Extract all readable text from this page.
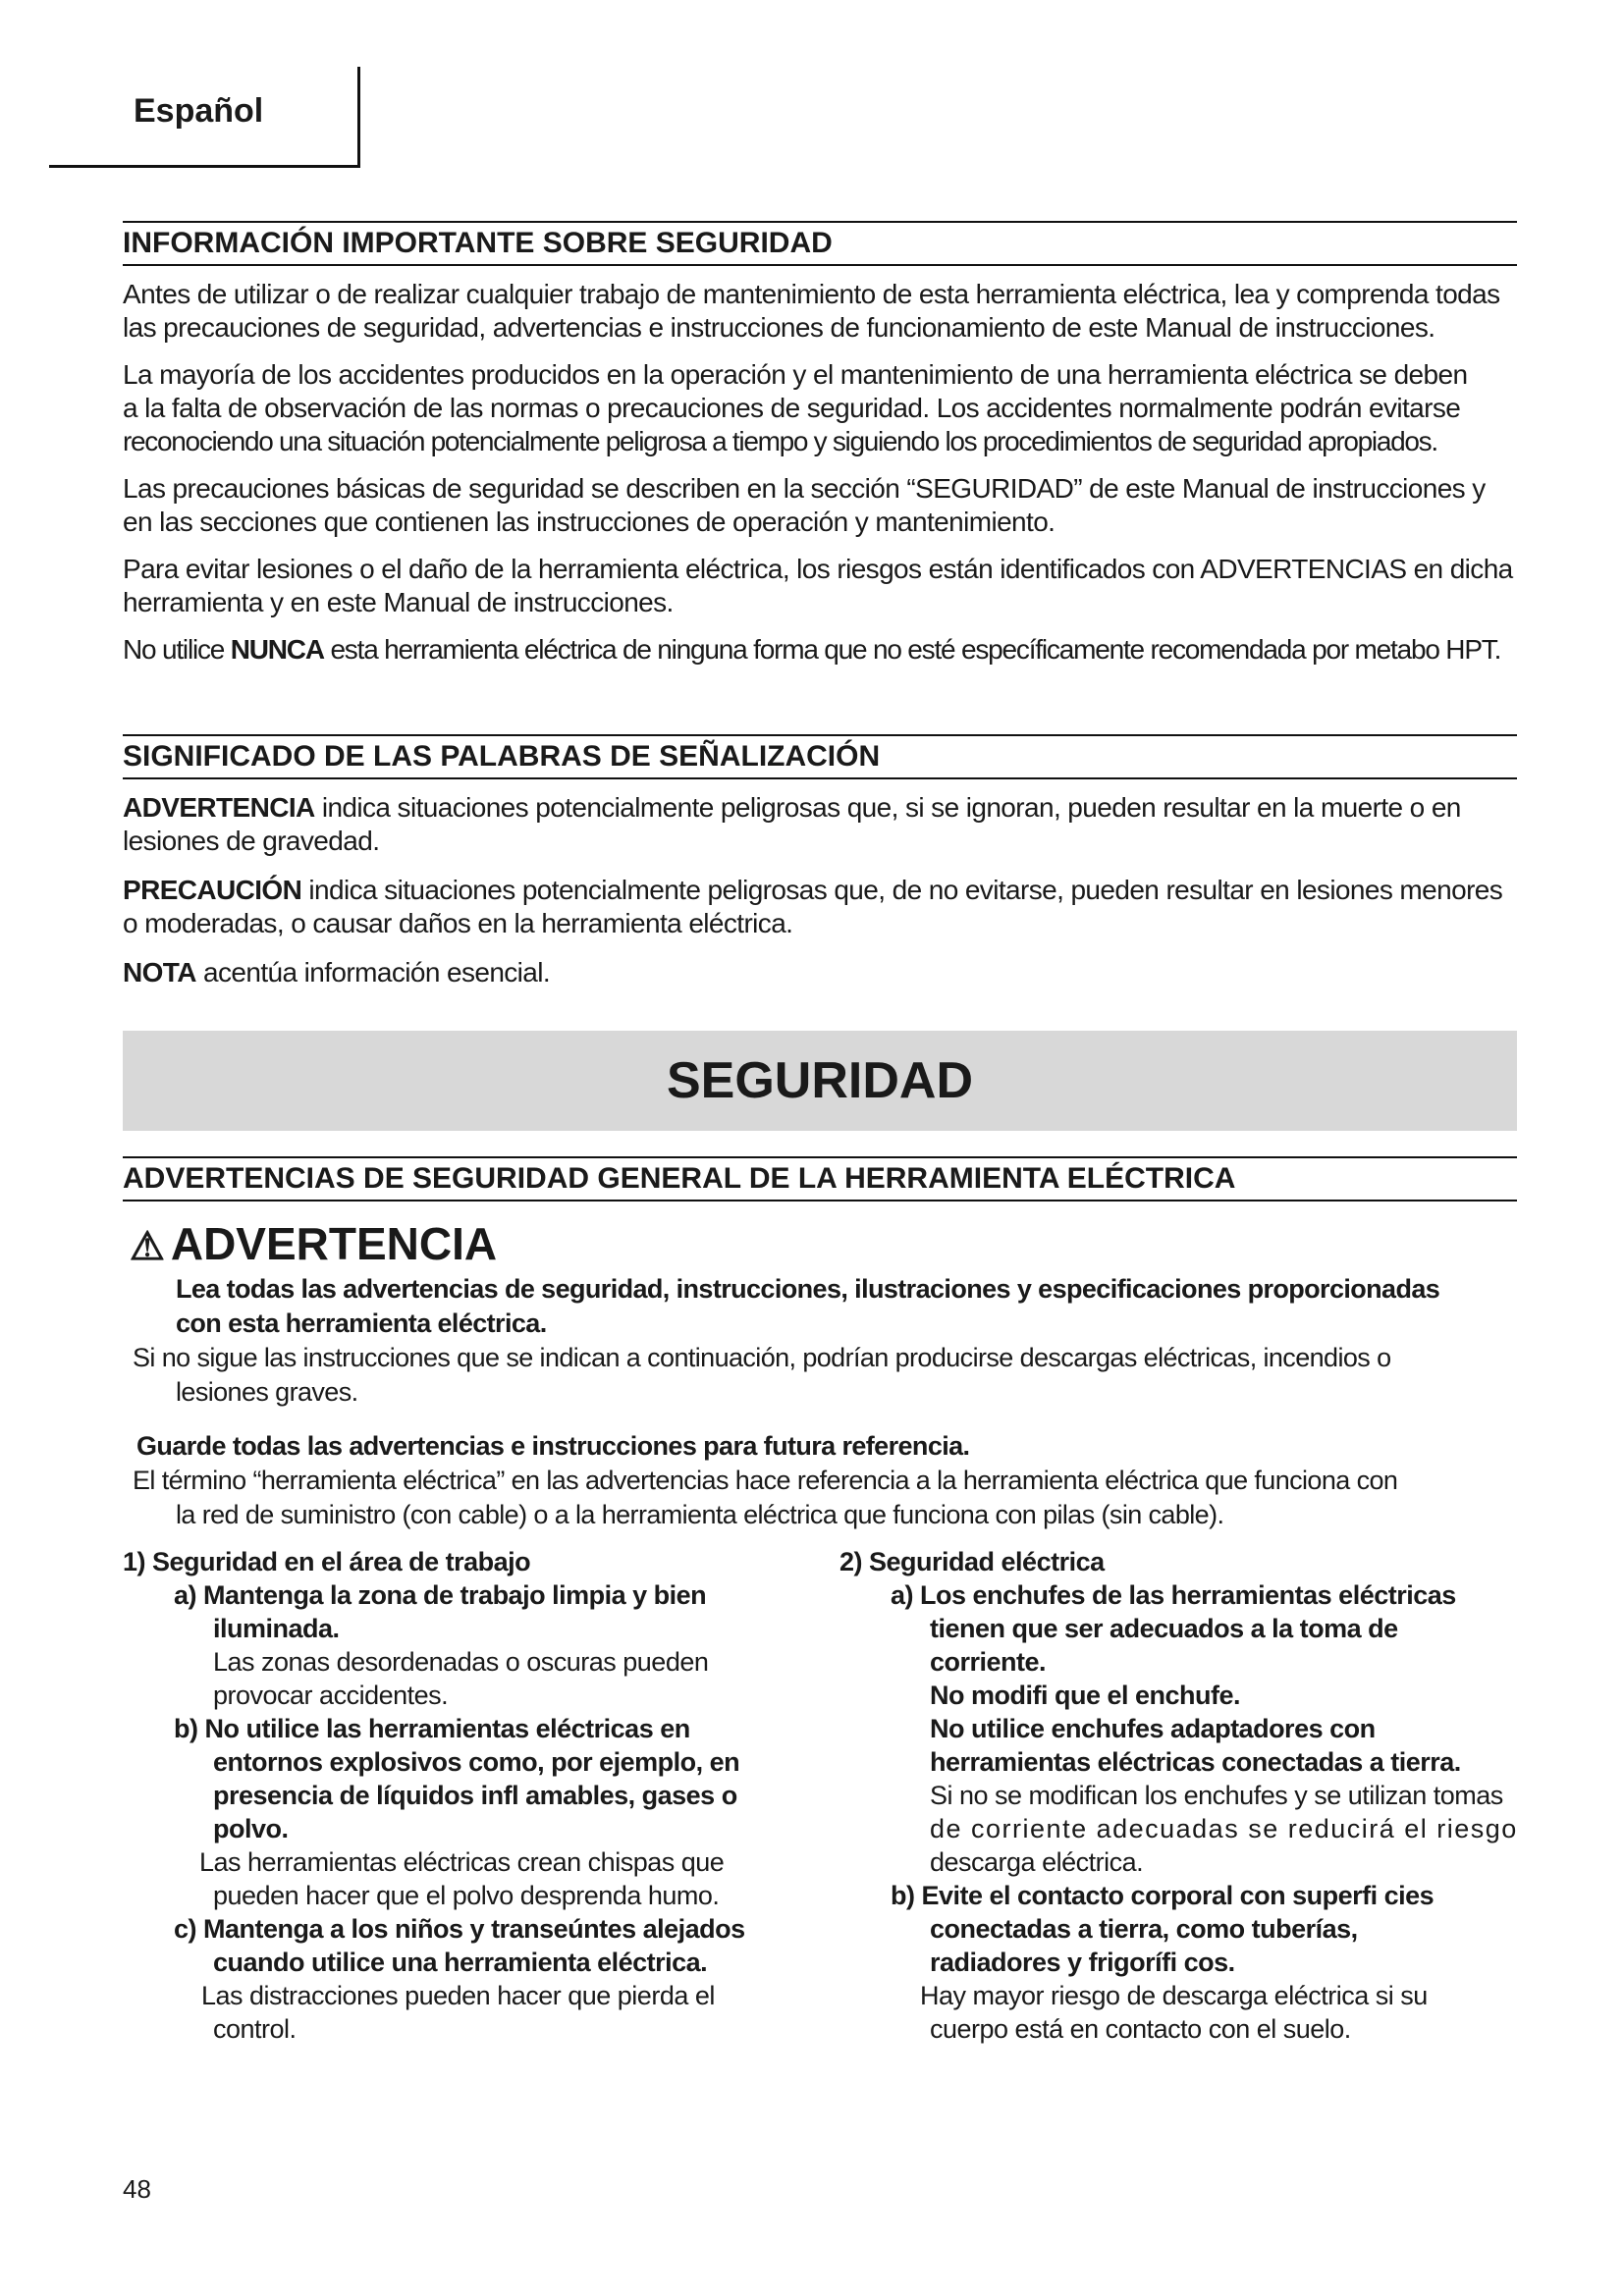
Español
INFORMACIÓN IMPORTANTE SOBRE SEGURIDAD

Antes de utilizar o de realizar cualquier trabajo de mantenimiento de esta herramienta eléctrica, lea y comprenda todas

las precauciones de seguridad, advertencias e instrucciones de funcionamiento de este Manual de instrucciones.

La mayoría de los accidentes producidos en la operación y el mantenimiento de una herramienta eléctrica se deben

a la falta de observación de las normas o precauciones de seguridad. Los accidentes normalmente podrán evitarse

reconociendo una situación potencialmente peligrosa a tiempo y siguiendo los procedimientos de seguridad apropiados.

Las precauciones básicas de seguridad se describen en la sección “SEGURIDAD” de este Manual de instrucciones y

en las secciones que contienen las instrucciones de operación y mantenimiento.

Para evitar lesiones o el daño de la herramienta eléctrica, los riesgos están identificados con ADVERTENCIAS en dicha

herramienta y en este Manual de instrucciones.

No utilice NUNCA esta herramienta eléctrica de ninguna forma que no esté específicamente recomendada por metabo HPT.

SIGNIFICADO DE LAS PALABRAS DE SEÑALIZACIÓN

ADVERTENCIA indica situaciones potencialmente peligrosas que, si se ignoran, pueden resultar en la muerte o en

lesiones de gravedad.

PRECAUCIÓN indica situaciones potencialmente peligrosas que, de no evitarse, pueden resultar en lesiones menores

o moderadas, o causar daños en la herramienta eléctrica.

NOTA acentúa información esencial.

SEGURIDAD
ADVERTENCIAS DE SEGURIDAD GENERAL DE LA HERRAMIENTA ELÉCTRICA
⚠ ADVERTENCIA
Lea todas las advertencias de seguridad, instrucciones, ilustraciones y especificaciones proporcionadas
con esta herramienta eléctrica.
Si no sigue las instrucciones que se indican a continuación, podrían producirse descargas eléctricas, incendios o
lesiones graves.
Guarde todas las advertencias e instrucciones para futura referencia.
El término “herramienta eléctrica” en las advertencias hace referencia a la herramienta eléctrica que funciona con
la red de suministro (con cable) o a la herramienta eléctrica que funciona con pilas (sin cable).
1) Seguridad en el área de trabajo
a) Mantenga la zona de trabajo limpia y bien
iluminada.
Las zonas desordenadas o oscuras pueden
provocar accidentes.
b) No utilice las herramientas eléctricas en
entornos explosivos como, por ejemplo, en
presencia de líquidos infl amables, gases o
polvo.
Las herramientas eléctricas crean chispas que
pueden hacer que el polvo desprenda humo.
c) Mantenga a los niños y transeúntes alejados
cuando utilice una herramienta eléctrica.
Las distracciones pueden hacer que pierda el
control.
2) Seguridad eléctrica
a) Los enchufes de las herramientas eléctricas
tienen que ser adecuados a la toma de
corriente.
No modifi que el enchufe.
No utilice enchufes adaptadores con
herramientas eléctricas conectadas a tierra.
Si no se modifican los enchufes y se utilizan tomas
de corriente adecuadas se reducirá el riesgo
descarga eléctrica.
b) Evite el contacto corporal con superfi cies
conectadas a tierra, como tuberías,
radiadores y frigorífi cos.
Hay mayor riesgo de descarga eléctrica si su
cuerpo está en contacto con el suelo.
48
